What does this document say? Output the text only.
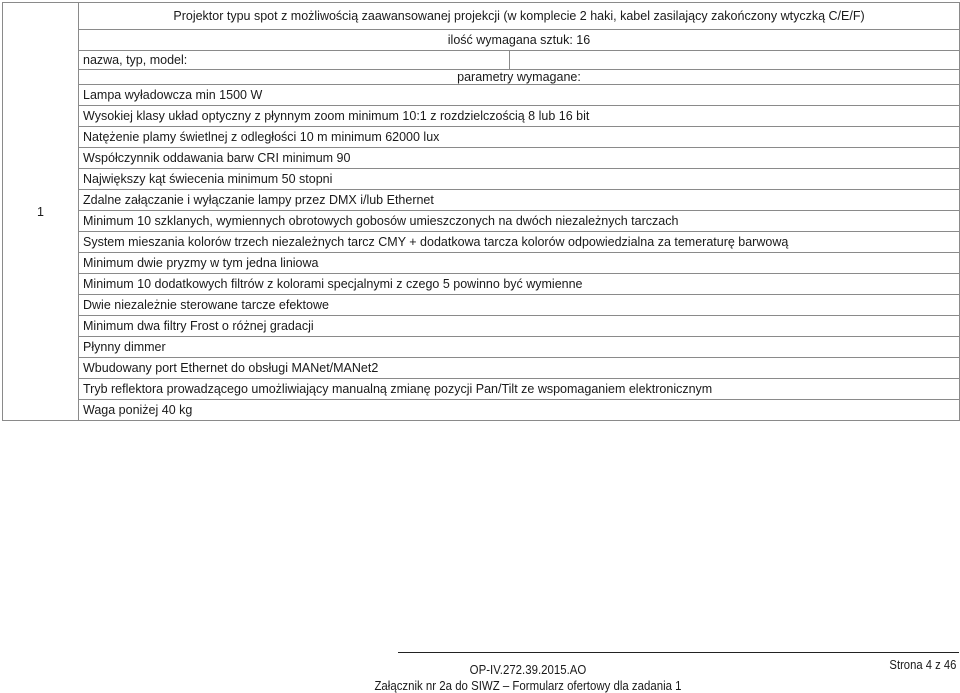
1	Projektor typu spot z możliwością zaawansowanej projekcji (w komplecie 2 haki, kabel zasilający zakończony wtyczką C/E/F)	
	ilość wymagana sztuk: 16	
	nazwa, typ, model:	
	parametry wymagane:	
	Lampa wyładowcza min 1500 W	
	Wysokiej klasy układ optyczny z płynnym zoom minimum 10:1 z rozdzielczością 8 lub 16 bit	
	Natężenie plamy świetlnej z odległości 10 m minimum 62000 lux	
	Współczynnik oddawania barw CRI minimum 90	
	Największy kąt świecenia minimum 50 stopni	
	Zdalne załączanie i wyłączanie lampy przez DMX i/lub Ethernet	
	Minimum 10 szklanych, wymiennych obrotowych gobosów umieszczonych na dwóch niezależnych tarczach	
	System mieszania kolorów trzech niezależnych tarcz CMY + dodatkowa tarcza kolorów odpowiedzialna za temeraturę barwową	
	Minimum dwie pryzmy w tym jedna liniowa	
	Minimum 10 dodatkowych filtrów z kolorami specjalnymi z czego 5 powinno być wymienne	
	Dwie niezależnie sterowane tarcze efektowe	
	Minimum dwa filtry Frost o różnej gradacji	
	Płynny dimmer	
	Wbudowany port Ethernet do obsługi MANet/MANet2	
	Tryb reflektora prowadzącego umożliwiający manualną zmianę pozycji Pan/Tilt ze wspomaganiem elektronicznym	
	Waga poniżej 40 kg	
OP-IV.272.39.2015.AO
Załącznik nr 2a do SIWZ – Formularz ofertowy dla zadania 1
Strona 4 z 46
